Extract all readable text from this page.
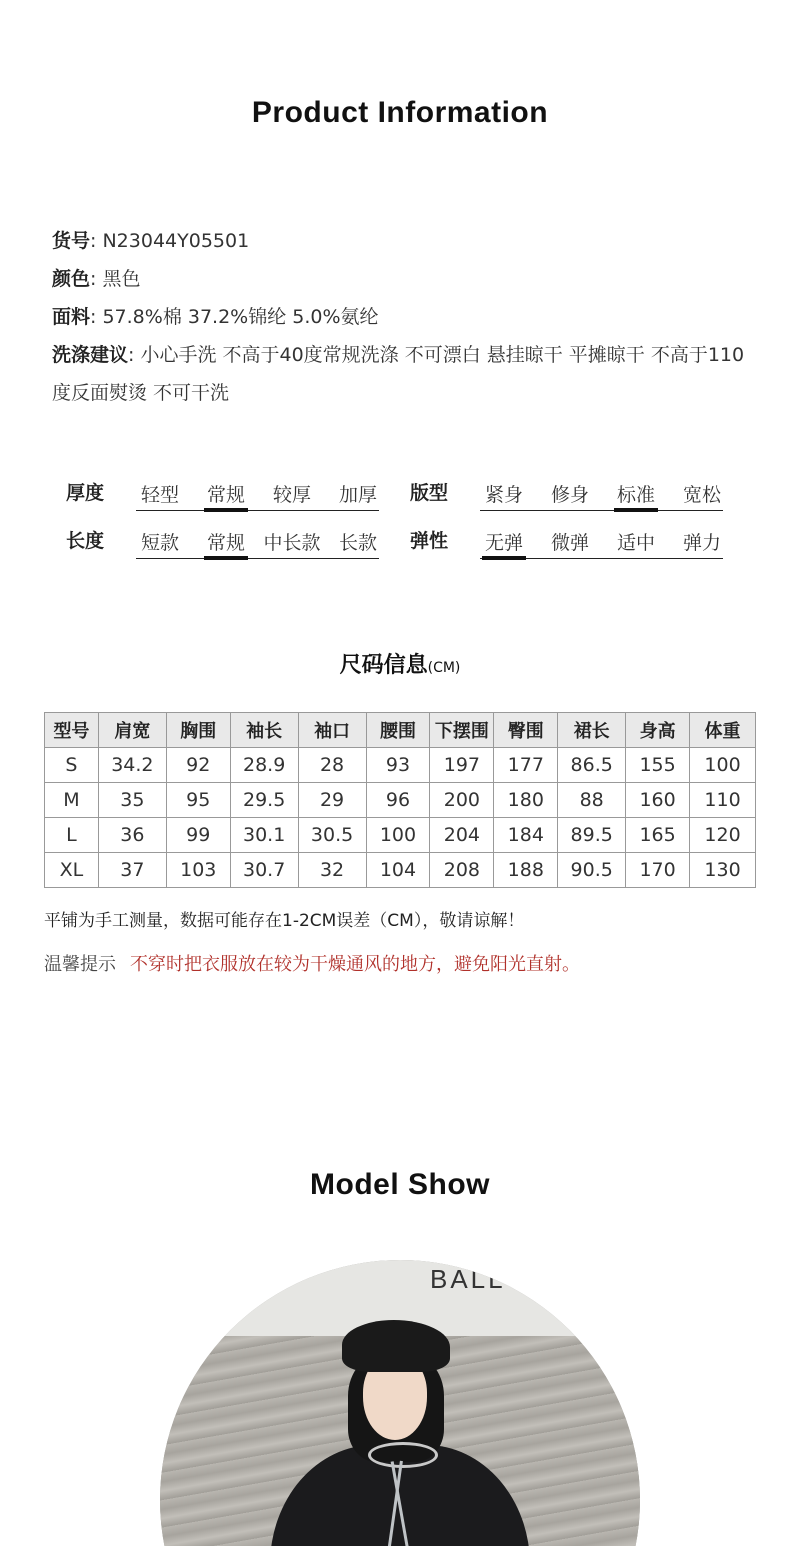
Product Information
货号: N23044Y05501
颜色: 黑色
面料: 57.8%棉 37.2%锦纶 5.0%氨纶
洗涤建议: 小心手洗 不高于40度常规洗涤 不可漂白 悬挂晾干 平摊晾干 不高于110度反面熨烫 不可干洗
厚度	轻型	常规	较厚	加厚	版型	紧身	修身	标准	宽松
长度	短款	常规 中长款 长款	弹性	无弹	微弹	适中	弹力
尺码信息(CM)
型号	肩宽	胸围	袖长	袖口	腰围	下摆围	臀围	裙长	身高	体重
S	34.2	92	28.9	28	93	197	177	86.5	155	100
M	35	95	29.5	29	96	200	180	88	160	110
L	36	99	30.1	30.5	100	204	184	89.5	165	120
XL	37	103	30.7	32	104	208	188	90.5	170	130
平铺为手工测量，数据可能存在1-2CM误差（CM），敬请谅解！
温馨提示 不穿时把衣服放在较为干燥通风的地方，避免阳光直射。
Model Show
BALL
